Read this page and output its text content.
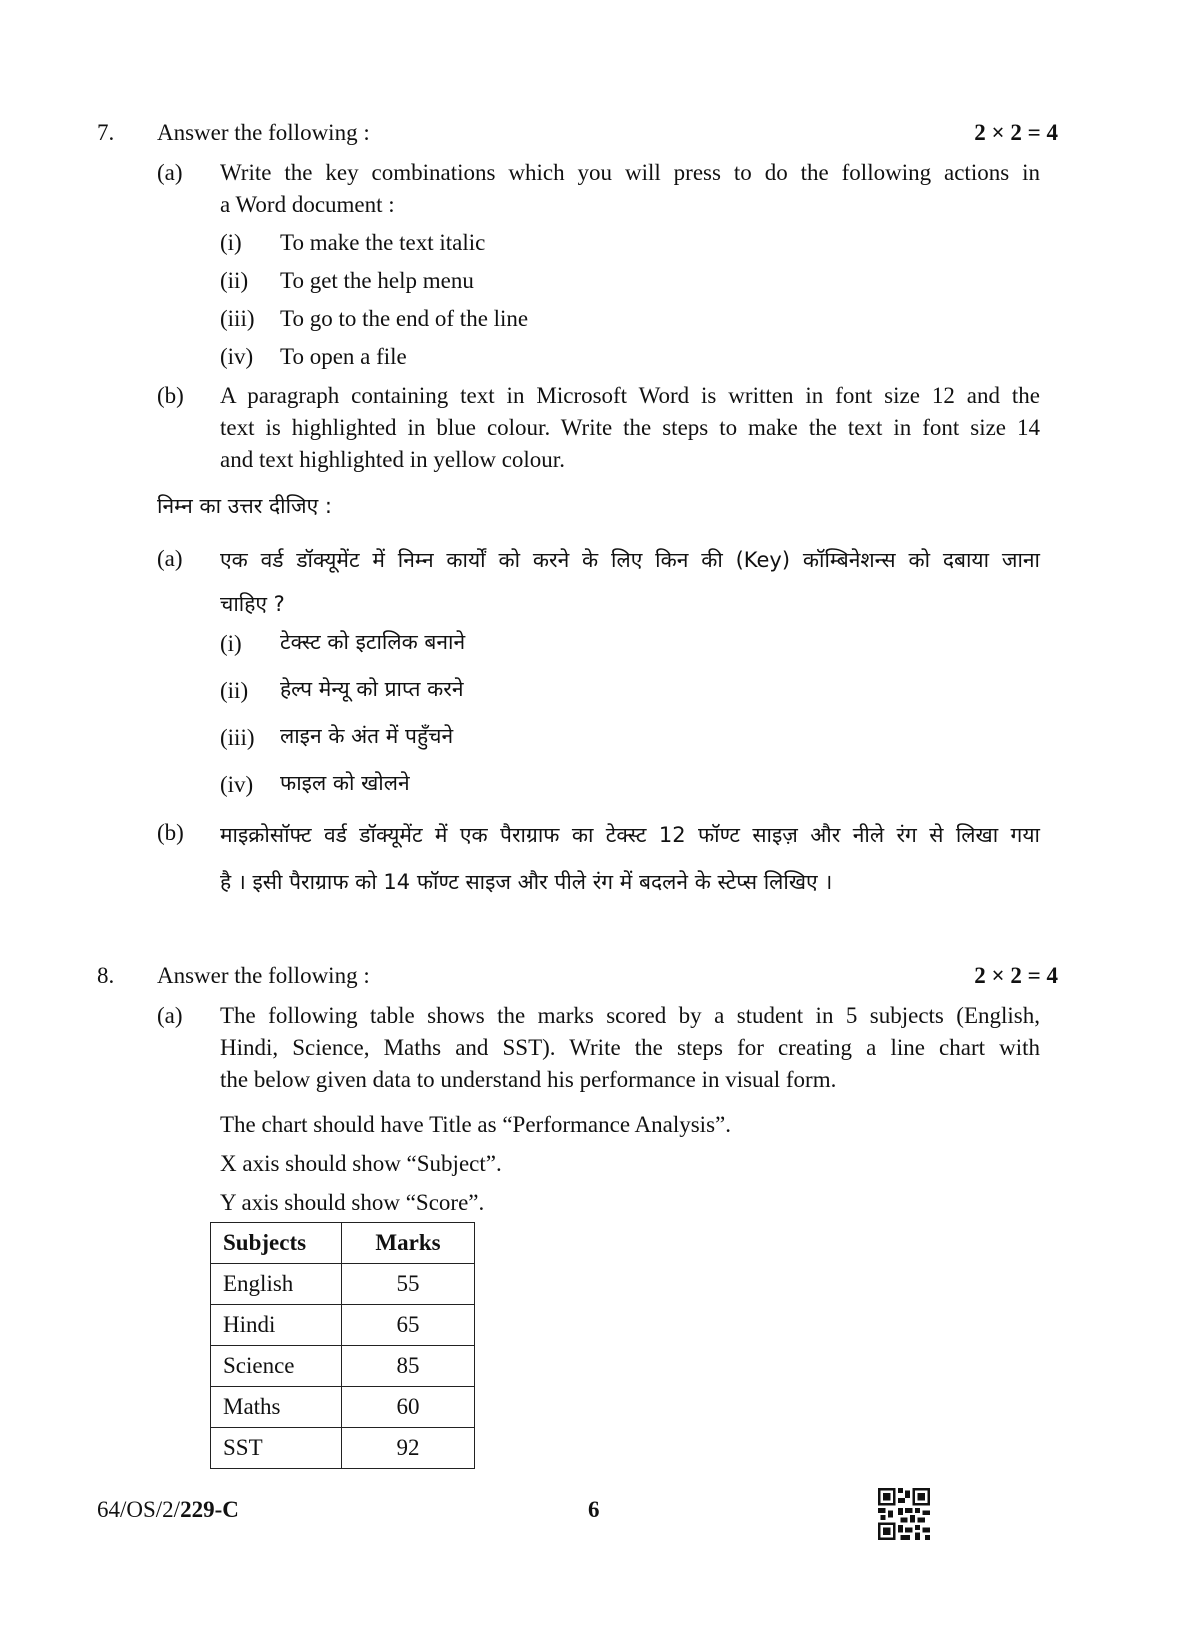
7. Answer the following :	2 × 2 = 4
(a) Write the key combinations which you will press to do the following actions in
a Word document :
(i) To make the text italic
(ii) To get the help menu
(iii) To go to the end of the line
(iv) To open a file
(b) A paragraph containing text in Microsoft Word is written in font size 12 and the
text is highlighted in blue colour. Write the steps to make the text in font size 14
and text highlighted in yellow colour.
निम्न का उत्तर दीजिए :
(a) एक वर्ड डॉक्यूमेंट में निम्न कार्यों को करने के लिए किन की (Key) कॉम्बिनेशन्स को दबाया जाना
चाहिए ?
(i) टेक्स्ट को इटालिक बनाने
(ii) हेल्प मेन्यू को प्राप्त करने
(iii) लाइन के अंत में पहुँचने
(iv) फाइल को खोलने
(b) माइक्रोसॉफ्ट वर्ड डॉक्यूमेंट में एक पैराग्राफ का टेक्स्ट 12 फॉण्ट साइज़ और नीले रंग से लिखा गया
है । इसी पैराग्राफ को 14 फॉण्ट साइज और पीले रंग में बदलने के स्टेप्स लिखिए ।
8. Answer the following :	2 × 2 = 4
(a) The following table shows the marks scored by a student in 5 subjects (English,
Hindi, Science, Maths and SST). Write the steps for creating a line chart with
the below given data to understand his performance in visual form.
The chart should have Title as “Performance Analysis”.
X axis should show “Subject”.
Y axis should show “Score”.
Subjects	Marks
English	55
Hindi	65
Science	85
Maths	60
SST	92
64/OS/2/229-C	6
